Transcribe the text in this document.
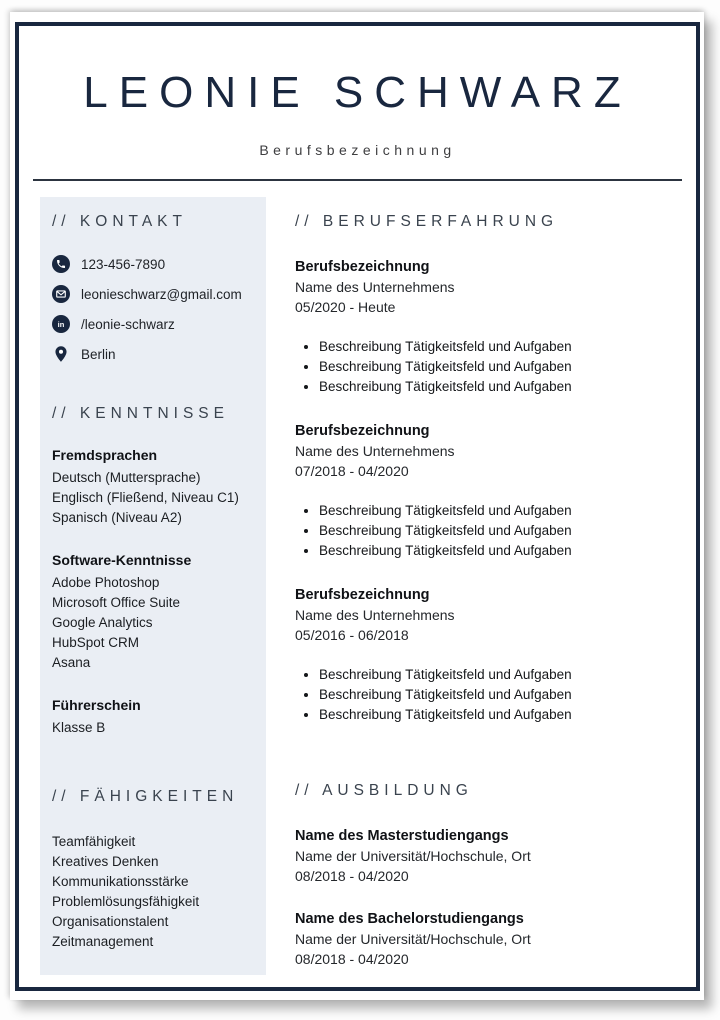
LEONIE SCHWARZ
Berufsbezeichnung
// KONTAKT
123-456-7890
leonieschwarz@gmail.com
in /leonie-schwarz
Berlin
// KENNTNISSE
Fremdsprachen

Deutsch (Muttersprache)

Englisch (Fließend, Niveau C1)

Spanisch (Niveau A2)

Software-Kenntnisse

Adobe Photoshop

Microsoft Office Suite

Google Analytics

HubSpot CRM

Asana

Führerschein

Klasse B

// FÄHIGKEITEN

Teamfähigkeit

Kreatives Denken

Kommunikationsstärke

Problemlösungsfähigkeit

Organisationstalent

Zeitmanagement

// BERUFSERFAHRUNG
Berufsbezeichnung

Name des Unternehmens

05/2020 - Heute

• Beschreibung Tätigkeitsfeld und Aufgaben
• Beschreibung Tätigkeitsfeld und Aufgaben
• Beschreibung Tätigkeitsfeld und Aufgaben
Berufsbezeichnung

Name des Unternehmens

07/2018 - 04/2020

• Beschreibung Tätigkeitsfeld und Aufgaben
• Beschreibung Tätigkeitsfeld und Aufgaben
• Beschreibung Tätigkeitsfeld und Aufgaben
Berufsbezeichnung

Name des Unternehmens

05/2016 - 06/2018

• Beschreibung Tätigkeitsfeld und Aufgaben
• Beschreibung Tätigkeitsfeld und Aufgaben
• Beschreibung Tätigkeitsfeld und Aufgaben
// AUSBILDUNG
Name des Masterstudiengangs

Name der Universität/Hochschule, Ort

08/2018 - 04/2020

Name des Bachelorstudiengangs

Name der Universität/Hochschule, Ort

08/2018 - 04/2020
